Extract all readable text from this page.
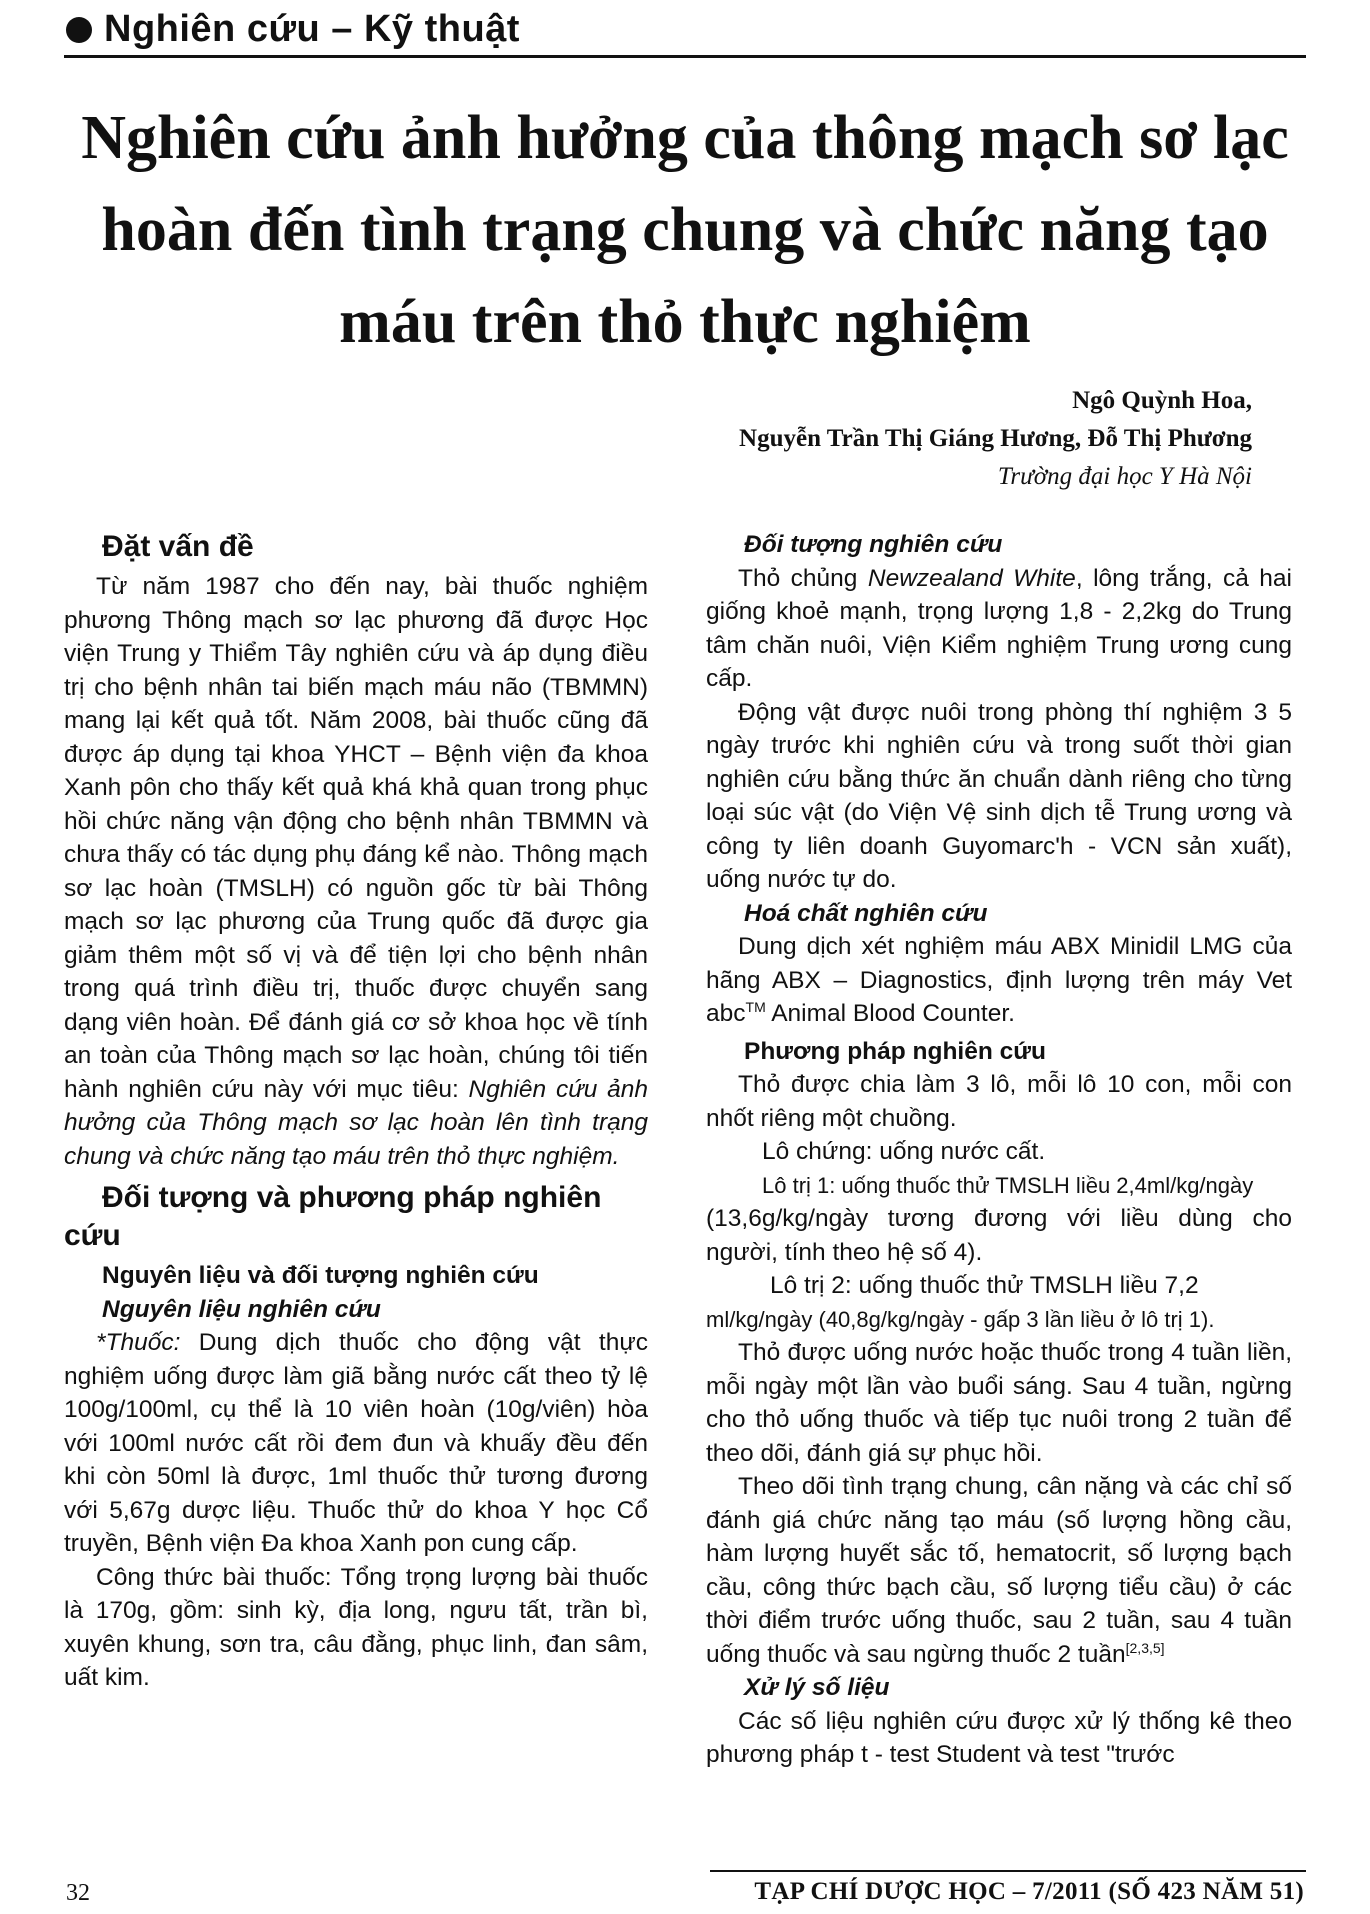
Nghiên cứu – Kỹ thuật
Nghiên cứu ảnh hưởng của thông mạch sơ lạc hoàn đến tình trạng chung và chức năng tạo máu trên thỏ thực nghiệm
Ngô Quỳnh Hoa,
Nguyễn Trần Thị Giáng Hương, Đỗ Thị Phương
Trường đại học Y Hà Nội
Đặt vấn đề

Từ năm 1987 cho đến nay, bài thuốc nghiệm phương Thông mạch sơ lạc phương đã được Học viện Trung y Thiểm Tây nghiên cứu và áp dụng điều trị cho bệnh nhân tai biến mạch máu não (TBMMN) mang lại kết quả tốt. Năm 2008, bài thuốc cũng đã được áp dụng tại khoa YHCT – Bệnh viện đa khoa Xanh pôn cho thấy kết quả khá khả quan trong phục hồi chức năng vận động cho bệnh nhân TBMMN và chưa thấy có tác dụng phụ đáng kể nào. Thông mạch sơ lạc hoàn (TMSLH) có nguồn gốc từ bài Thông mạch sơ lạc phương của Trung quốc đã được gia giảm thêm một số vị và để tiện lợi cho bệnh nhân trong quá trình điều trị, thuốc được chuyển sang dạng viên hoàn. Để đánh giá cơ sở khoa học về tính an toàn của Thông mạch sơ lạc hoàn, chúng tôi tiến hành nghiên cứu này với mục tiêu: Nghiên cứu ảnh hưởng của Thông mạch sơ lạc hoàn lên tình trạng chung và chức năng tạo máu trên thỏ thực nghiệm.

Đối tượng và phương pháp nghiên
cứu
Nguyên liệu và đối tượng nghiên cứu
Nguyên liệu nghiên cứu

*Thuốc: Dung dịch thuốc cho động vật thực nghiệm uống được làm giã bằng nước cất theo tỷ lệ 100g/100ml, cụ thể là 10 viên hoàn (10g/viên) hòa với 100ml nước cất rồi đem đun và khuấy đều đến khi còn 50ml là được, 1ml thuốc thử tương đương với 5,67g dược liệu. Thuốc thử do khoa Y học Cổ truyền, Bệnh viện Đa khoa Xanh pon cung cấp.

Công thức bài thuốc: Tổng trọng lượng bài thuốc là 170g, gồm: sinh kỳ, địa long, ngưu tất, trần bì, xuyên khung, sơn tra, câu đằng, phục linh, đan sâm, uất kim.

Đối tượng nghiên cứu

Thỏ chủng Newzealand White, lông trắng, cả hai giống khoẻ mạnh, trọng lượng 1,8 - 2,2kg do Trung tâm chăn nuôi, Viện Kiểm nghiệm Trung ương cung cấp.

Động vật được nuôi trong phòng thí nghiệm 3 5 ngày trước khi nghiên cứu và trong suốt thời gian nghiên cứu bằng thức ăn chuẩn dành riêng cho từng loại súc vật (do Viện Vệ sinh dịch tễ Trung ương và công ty liên doanh Guyomarc'h - VCN sản xuất), uống nước tự do.

Hoá chất nghiên cứu

Dung dịch xét nghiệm máu ABX Minidil LMG của hãng ABX – Diagnostics, định lượng trên máy Vet abc™ Animal Blood Counter.

Phương pháp nghiên cứu

Thỏ được chia làm 3 lô, mỗi lô 10 con, mỗi con nhốt riêng một chuồng.

Lô chứng: uống nước cất.

Lô trị 1: uống thuốc thử TMSLH liều 2,4ml/kg/ngày

(13,6g/kg/ngày tương đương với liều dùng cho người, tính theo hệ số 4).

Lô trị 2: uống thuốc thử TMSLH liều 7,2

ml/kg/ngày (40,8g/kg/ngày - gấp 3 lần liều ở lô trị 1).

Thỏ được uống nước hoặc thuốc trong 4 tuần liền, mỗi ngày một lần vào buổi sáng. Sau 4 tuần, ngừng cho thỏ uống thuốc và tiếp tục nuôi trong 2 tuần để theo dõi, đánh giá sự phục hồi.

Theo dõi tình trạng chung, cân nặng và các chỉ số đánh giá chức năng tạo máu (số lượng hồng cầu, hàm lượng huyết sắc tố, hematocrit, số lượng bạch cầu, công thức bạch cầu, số lượng tiểu cầu) ở các thời điểm trước uống thuốc, sau 2 tuần, sau 4 tuần uống thuốc và sau ngừng thuốc 2 tuần[2,3,5]

Xử lý số liệu

Các số liệu nghiên cứu được xử lý thống kê theo phương pháp t - test Student và test "trước

32	TẠP CHÍ DƯỢC HỌC – 7/2011 (SỐ 423 NĂM 51)
